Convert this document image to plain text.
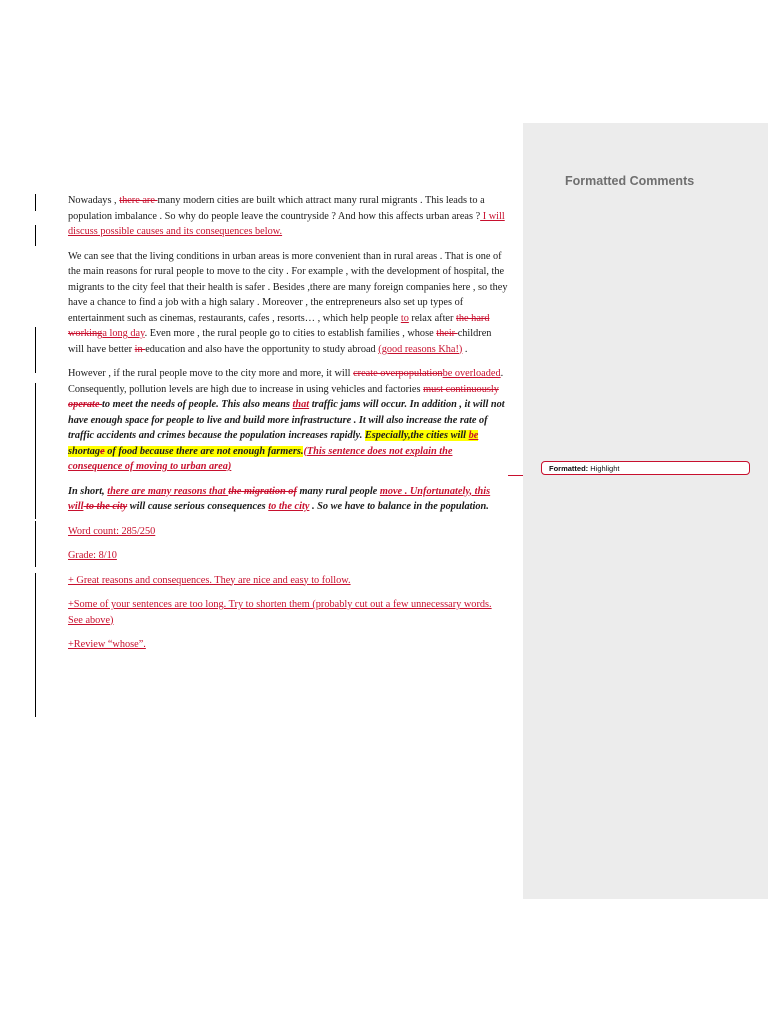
Nowadays , there are many modern cities are built which attract many rural migrants . This leads to a population imbalance . So why do people leave the countryside ? And how this affects urban areas ? I will discuss possible causes and its consequences below.

We can see that the living conditions in urban areas is more convenient than in rural areas . That is one of the main reasons for rural people to move to the city . For example , with the development of hospital, the migrants to the city feel that their health is safer . Besides ,there are many foreign companies here , so they have a chance to find a job with a high salary . Moreover , the entrepreneurs also set up types of entertainment such as cinemas, restaurants, cafes , resorts… , which help people to relax after the hard workinga long day. Even more , the rural people go to cities to establish families , whose their children will have better in education and also have the opportunity to study abroad (good reasons Kha!) .

However , if the rural people move to the city more and more, it will create overpopulationbe overloaded. Consequently, pollution levels are high due to increase in using vehicles and factories must continuously operate to meet the needs of people. This also means that traffic jams will occur. In addition , it will not have enough space for people to live and build more infrastructure . It will also increase the rate of traffic accidents and crimes because the population increases rapidly. Especially,the cities will be shortage of food because there are not enough farmers.(This sentence does not explain the consequence of moving to urban area)

In short, there are many reasons that the migration of many rural people move . Unfortunately, this will to the city will cause serious consequences to the city . So we have to balance in the population.

Word count: 285/250

Grade: 8/10

+ Great reasons and consequences. They are nice and easy to follow.

+Some of your sentences are too long. Try to shorten them (probably cut out a few unnecessary words. See above)

+Review “whose”.

Formatted Comments
Formatted: Highlight
